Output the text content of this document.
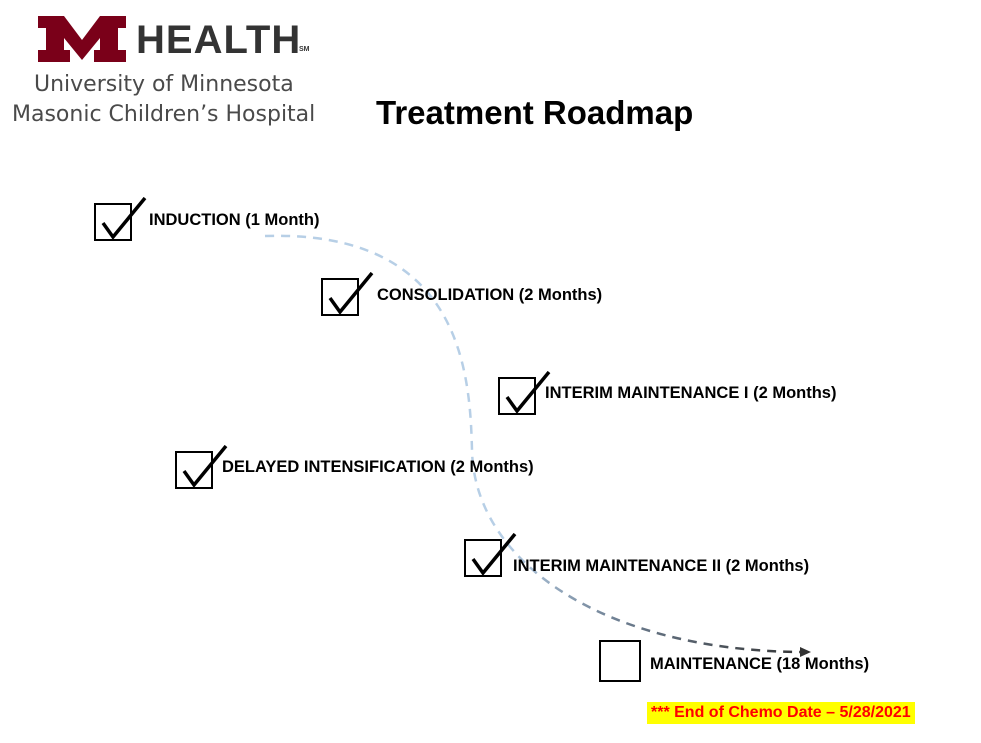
HEALTH
SM
University of Minnesota
Masonic Children’s Hospital Treatment Roadmap
INDUCTION (1 Month)
CONSOLIDATION (2 Months)
INTERIM MAINTENANCE I (2 Months)
DELAYED INTENSIFICATION (2 Months)
INTERIM MAINTENANCE II (2 Months)
MAINTENANCE (18 Months)
*** End of Chemo Date – 5/28/2021
